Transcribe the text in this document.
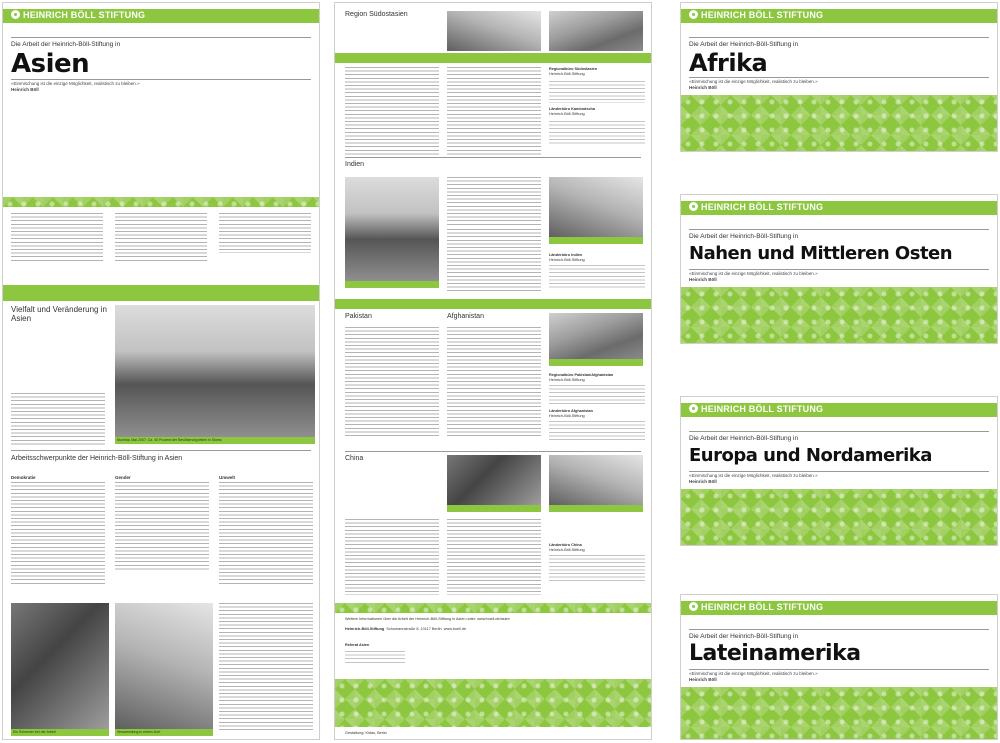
HEINRICH BÖLL STIFTUNG
Die Arbeit der Heinrich-Böll-Stiftung in
Asien
«Einmischung ist die einzige Möglichkeit, realistisch zu bleiben.»
Heinrich Böll
Vielfalt und Veränderung in Asien
Mumbai, Mai 2007: Ca. 40 Prozent der Bevölkerung leben in Slums
Arbeitsschwerpunkte der Heinrich-Böll-Stiftung in Asien
Demokratie	Gender	Umwelt
Ein Schreiner bei der Arbeit	Versammlung in einem Dorf
Region Südostasien
Regionalbüro Südostasien
Heinrich-Böll-Stiftung
Länderbüro Kambodscha
Heinrich-Böll-Stiftung
Indien
Länderbüro Indien
Heinrich-Böll-Stiftung
Pakistan	Afghanistan
Regionalbüro Pakistan/Afghanistan
Heinrich-Böll-Stiftung
Länderbüro Afghanistan
Heinrich-Böll-Stiftung
China
Länderbüro China
Heinrich-Böll-Stiftung
Weitere Informationen über die Arbeit der Heinrich-Böll-Stiftung in Asien unter: www.boell.de/asien
Heinrich-Böll-Stiftung Schumannstraße 8, 10117 Berlin www.boell.de
Referat Asien
Gestaltung: Kidas, Berlin
HEINRICH BÖLL STIFTUNG
Die Arbeit der Heinrich-Böll-Stiftung in
Afrika
«Einmischung ist die einzige Möglichkeit, realistisch zu bleiben.»
Heinrich Böll
HEINRICH BÖLL STIFTUNG
Die Arbeit der Heinrich-Böll-Stiftung in
Nahen und Mittleren Osten
«Einmischung ist die einzige Möglichkeit, realistisch zu bleiben.»
Heinrich Böll
HEINRICH BÖLL STIFTUNG
Die Arbeit der Heinrich-Böll-Stiftung in
Europa und Nordamerika
«Einmischung ist die einzige Möglichkeit, realistisch zu bleiben.»
Heinrich Böll
HEINRICH BÖLL STIFTUNG
Die Arbeit der Heinrich-Böll-Stiftung in
Lateinamerika
«Einmischung ist die einzige Möglichkeit, realistisch zu bleiben.»
Heinrich Böll
